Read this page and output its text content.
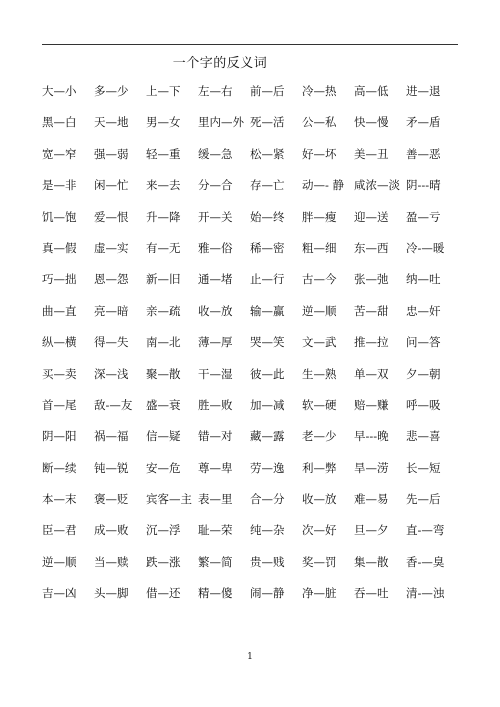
一个字的反义词
大—小 多—少 上—下 左—右 前—后 冷—热 高—低 进—退
黑—白 天—地 男—女 里内—外 死—活 公—私 快—慢 矛—盾
宽—窄 强—弱 轻—重 缓—急 松—紧 好—坏 美—丑 善—恶
是—非 闲—忙 来—去 分—合 存—亡 动—- 静 咸浓—淡 阴---晴
饥—饱 爱—恨 升—降 开—关 始—终 胖—瘦 迎—送 盈—亏
真—假 虚—实 有—无 雅—俗 稀—密 粗—细 东—西 冷-—暖
巧—拙 恩—怨 新—旧 通—堵 止—行 古—今 张—弛 纳—吐
曲—直 亮—暗 亲—疏 收—放 输—赢 逆—顺 苦—甜 忠—奸
纵—横 得—失 南—北 薄—厚 哭—笑 文—武 推—拉 问—答
买—卖 深—浅 聚—散 干—湿 彼—此 生—熟 单—双 夕—朝
首—尾 敌-—友 盛—衰 胜—败 加—减 软—硬 赔—赚 呼—吸
阴—阳 祸—福 信—疑 错—对 藏—露 老—少 早---晚 悲—喜
断—续 钝—锐 安—危 尊—卑 劳—逸 利—弊 旱—涝 长—短
本—末 褒—贬 宾客—主 表—里 合—分 收—放 难—易 先—后
臣—君 成—败 沉—浮 耻—荣 纯—杂 次—好 旦—夕 直-—弯
逆—顺 当—赎 跌—涨 繁—简 贵—贱 奖—罚 集—散 香-—臭
吉—凶 头—脚 借—还 精—傻 闹—静 净—脏 吞—吐 清-—浊
1
